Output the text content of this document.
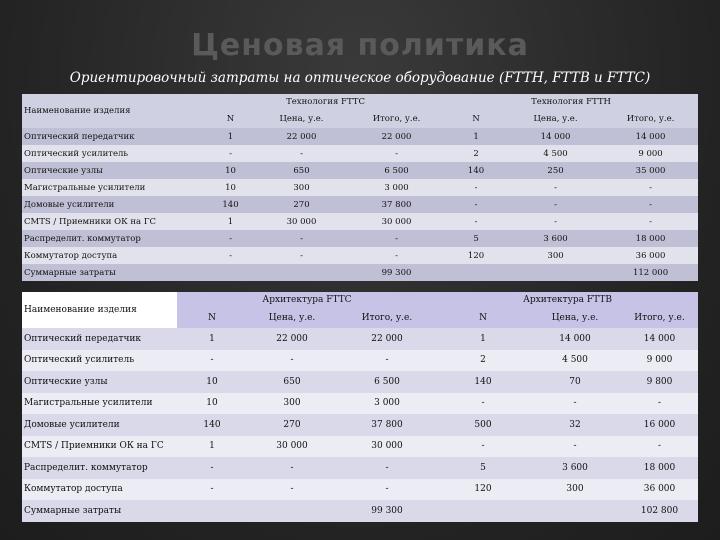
Ценовая политика
Ориентировочный затраты на оптическое оборудование (FTTH, FTTB и FTTC)
Наименование изделия	Технология FTTC			Технология FTTH		
	N	Цена, у.е.	Итого, у.е.	N	Цена, у.е.	Итого, у.е.
Оптический передатчик	1	22 000	22 000	1	14 000	14 000
Оптический усилитель	-	-	-	2	4 500	9 000
Оптические узлы	10	650	6 500	140	250	35 000
Магистральные усилители	10	300	3 000	-	-	-
Домовые усилители	140	270	37 800	-	-	-
CMTS / Приемники ОК на ГС	1	30 000	30 000	-	-	-
Распределит. коммутатор	-	-	-	5	3 600	18 000
Коммутатор доступа	-	-	-	120	300	36 000
Суммарные затраты			99 300			112 000
Наименование изделия	Архитектура FTTC			Архитектура FTTB		
	N	Цена, у.е.	Итого, у.е.	N	Цена, у.е.	Итого, у.е.
Оптический передатчик	1	22 000	22 000	1	14 000	14 000
Оптический усилитель	-	-	-	2	4 500	9 000
Оптические узлы	10	650	6 500	140	70	9 800
Магистральные усилители	10	300	3 000	-	-	-
Домовые усилители	140	270	37 800	500	32	16 000
CMTS / Приемники ОК на ГС	1	30 000	30 000	-	-	-
Распределит. коммутатор	-	-	-	5	3 600	18 000
Коммутатор доступа	-	-	-	120	300	36 000
Суммарные затраты			99 300			102 800
